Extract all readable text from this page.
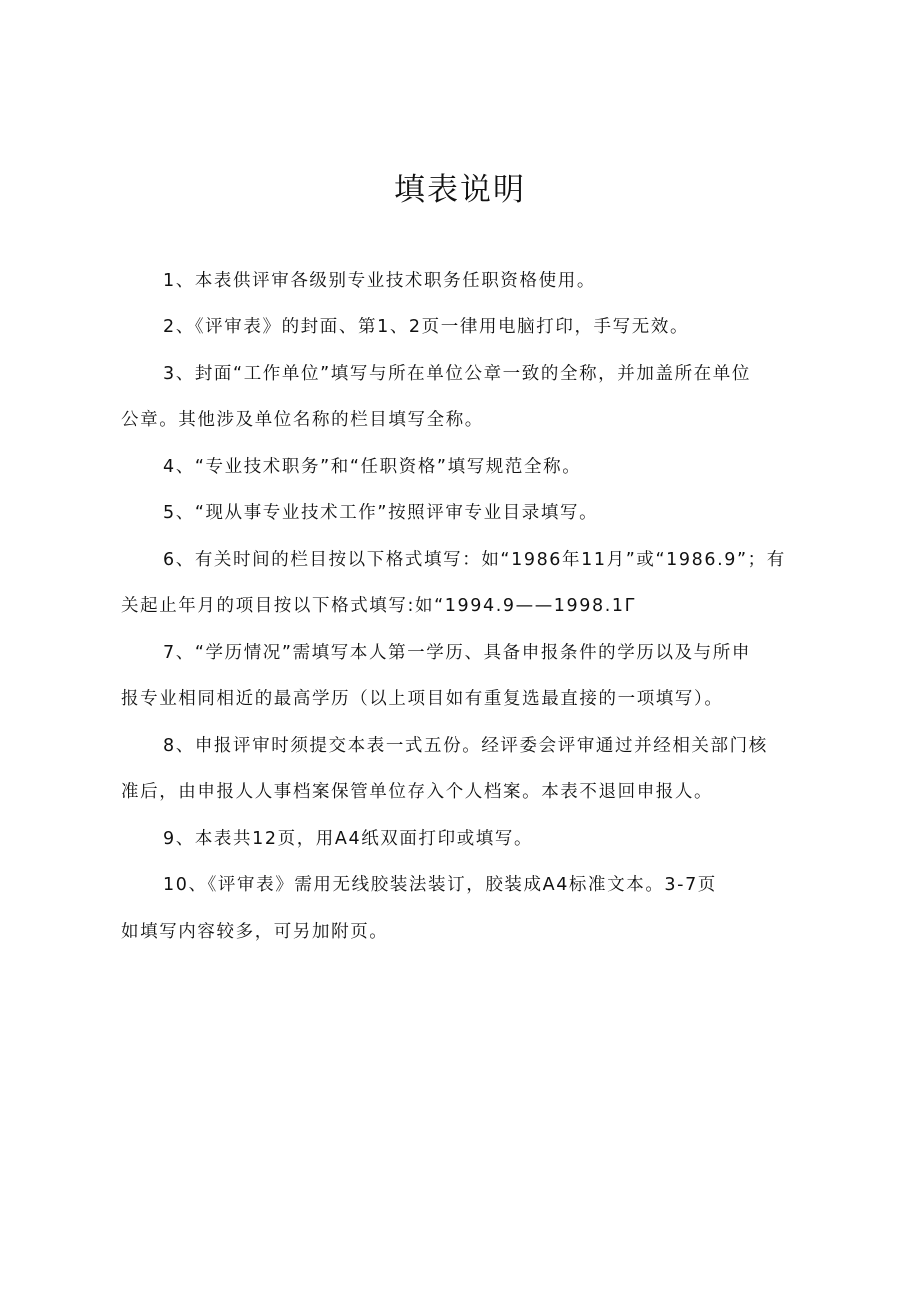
填表说明
1、本表供评审各级别专业技术职务任职资格使用。
2、《评审表》的封面、第1、2页一律用电脑打印，手写无效。
3、封面“工作单位”填写与所在单位公章一致的全称，并加盖所在单位
公章。其他涉及单位名称的栏目填写全称。
4、“专业技术职务”和“任职资格”填写规范全称。
5、“现从事专业技术工作”按照评审专业目录填写。
6、有关时间的栏目按以下格式填写：如“1986年11月”或“1986.9”；有
关起止年月的项目按以下格式填写:如“1994.9——1998.1Г
7、“学历情况”需填写本人第一学历、具备申报条件的学历以及与所申
报专业相同相近的最高学历（以上项目如有重复选最直接的一项填写）。
8、申报评审时须提交本表一式五份。经评委会评审通过并经相关部门核
准后，由申报人人事档案保管单位存入个人档案。本表不退回申报人。
9、本表共12页，用A4纸双面打印或填写。
10、《评审表》需用无线胶装法装订，胶装成A4标准文本。3-7页
如填写内容较多，可另加附页。
